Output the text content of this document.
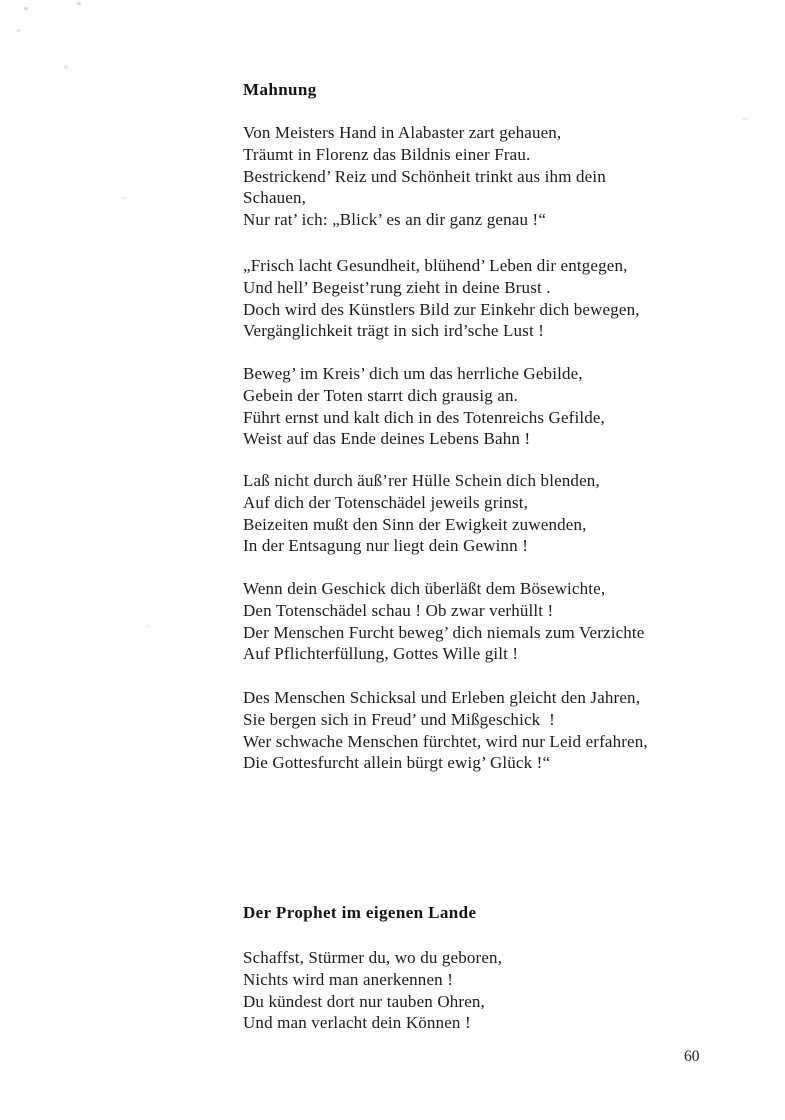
Mahnung
Von Meisters Hand in Alabaster zart gehauen,
Träumt in Florenz das Bildnis einer Frau.
Bestrickend’ Reiz und Schönheit trinkt aus ihm dein
Schauen,
Nur rat’ ich: „Blick’ es an dir ganz genau !“
„Frisch lacht Gesundheit, blühend’ Leben dir entgegen,
Und hell’ Begeist’rung zieht in deine Brust .
Doch wird des Künstlers Bild zur Einkehr dich bewegen,
Vergänglichkeit trägt in sich ird’sche Lust !
Beweg’ im Kreis’ dich um das herrliche Gebilde,
Gebein der Toten starrt dich grausig an.
Führt ernst und kalt dich in des Totenreichs Gefilde,
Weist auf das Ende deines Lebens Bahn !
Laß nicht durch äuß’rer Hülle Schein dich blenden,
Auf dich der Totenschädel jeweils grinst,
Beizeiten mußt den Sinn der Ewigkeit zuwenden,
In der Entsagung nur liegt dein Gewinn !
Wenn dein Geschick dich überläßt dem Bösewichte,
Den Totenschädel schau ! Ob zwar verhüllt !
Der Menschen Furcht beweg’ dich niemals zum Verzichte
Auf Pflichterfüllung, Gottes Wille gilt !
Des Menschen Schicksal und Erleben gleicht den Jahren,
Sie bergen sich in Freud’ und Mißgeschick  !
Wer schwache Menschen fürchtet, wird nur Leid erfahren,
Die Gottesfurcht allein bürgt ewig’ Glück !“
Der Prophet im eigenen Lande
Schaffst, Stürmer du, wo du geboren,
Nichts wird man anerkennen !
Du kündest dort nur tauben Ohren,
Und man verlacht dein Können !
60
